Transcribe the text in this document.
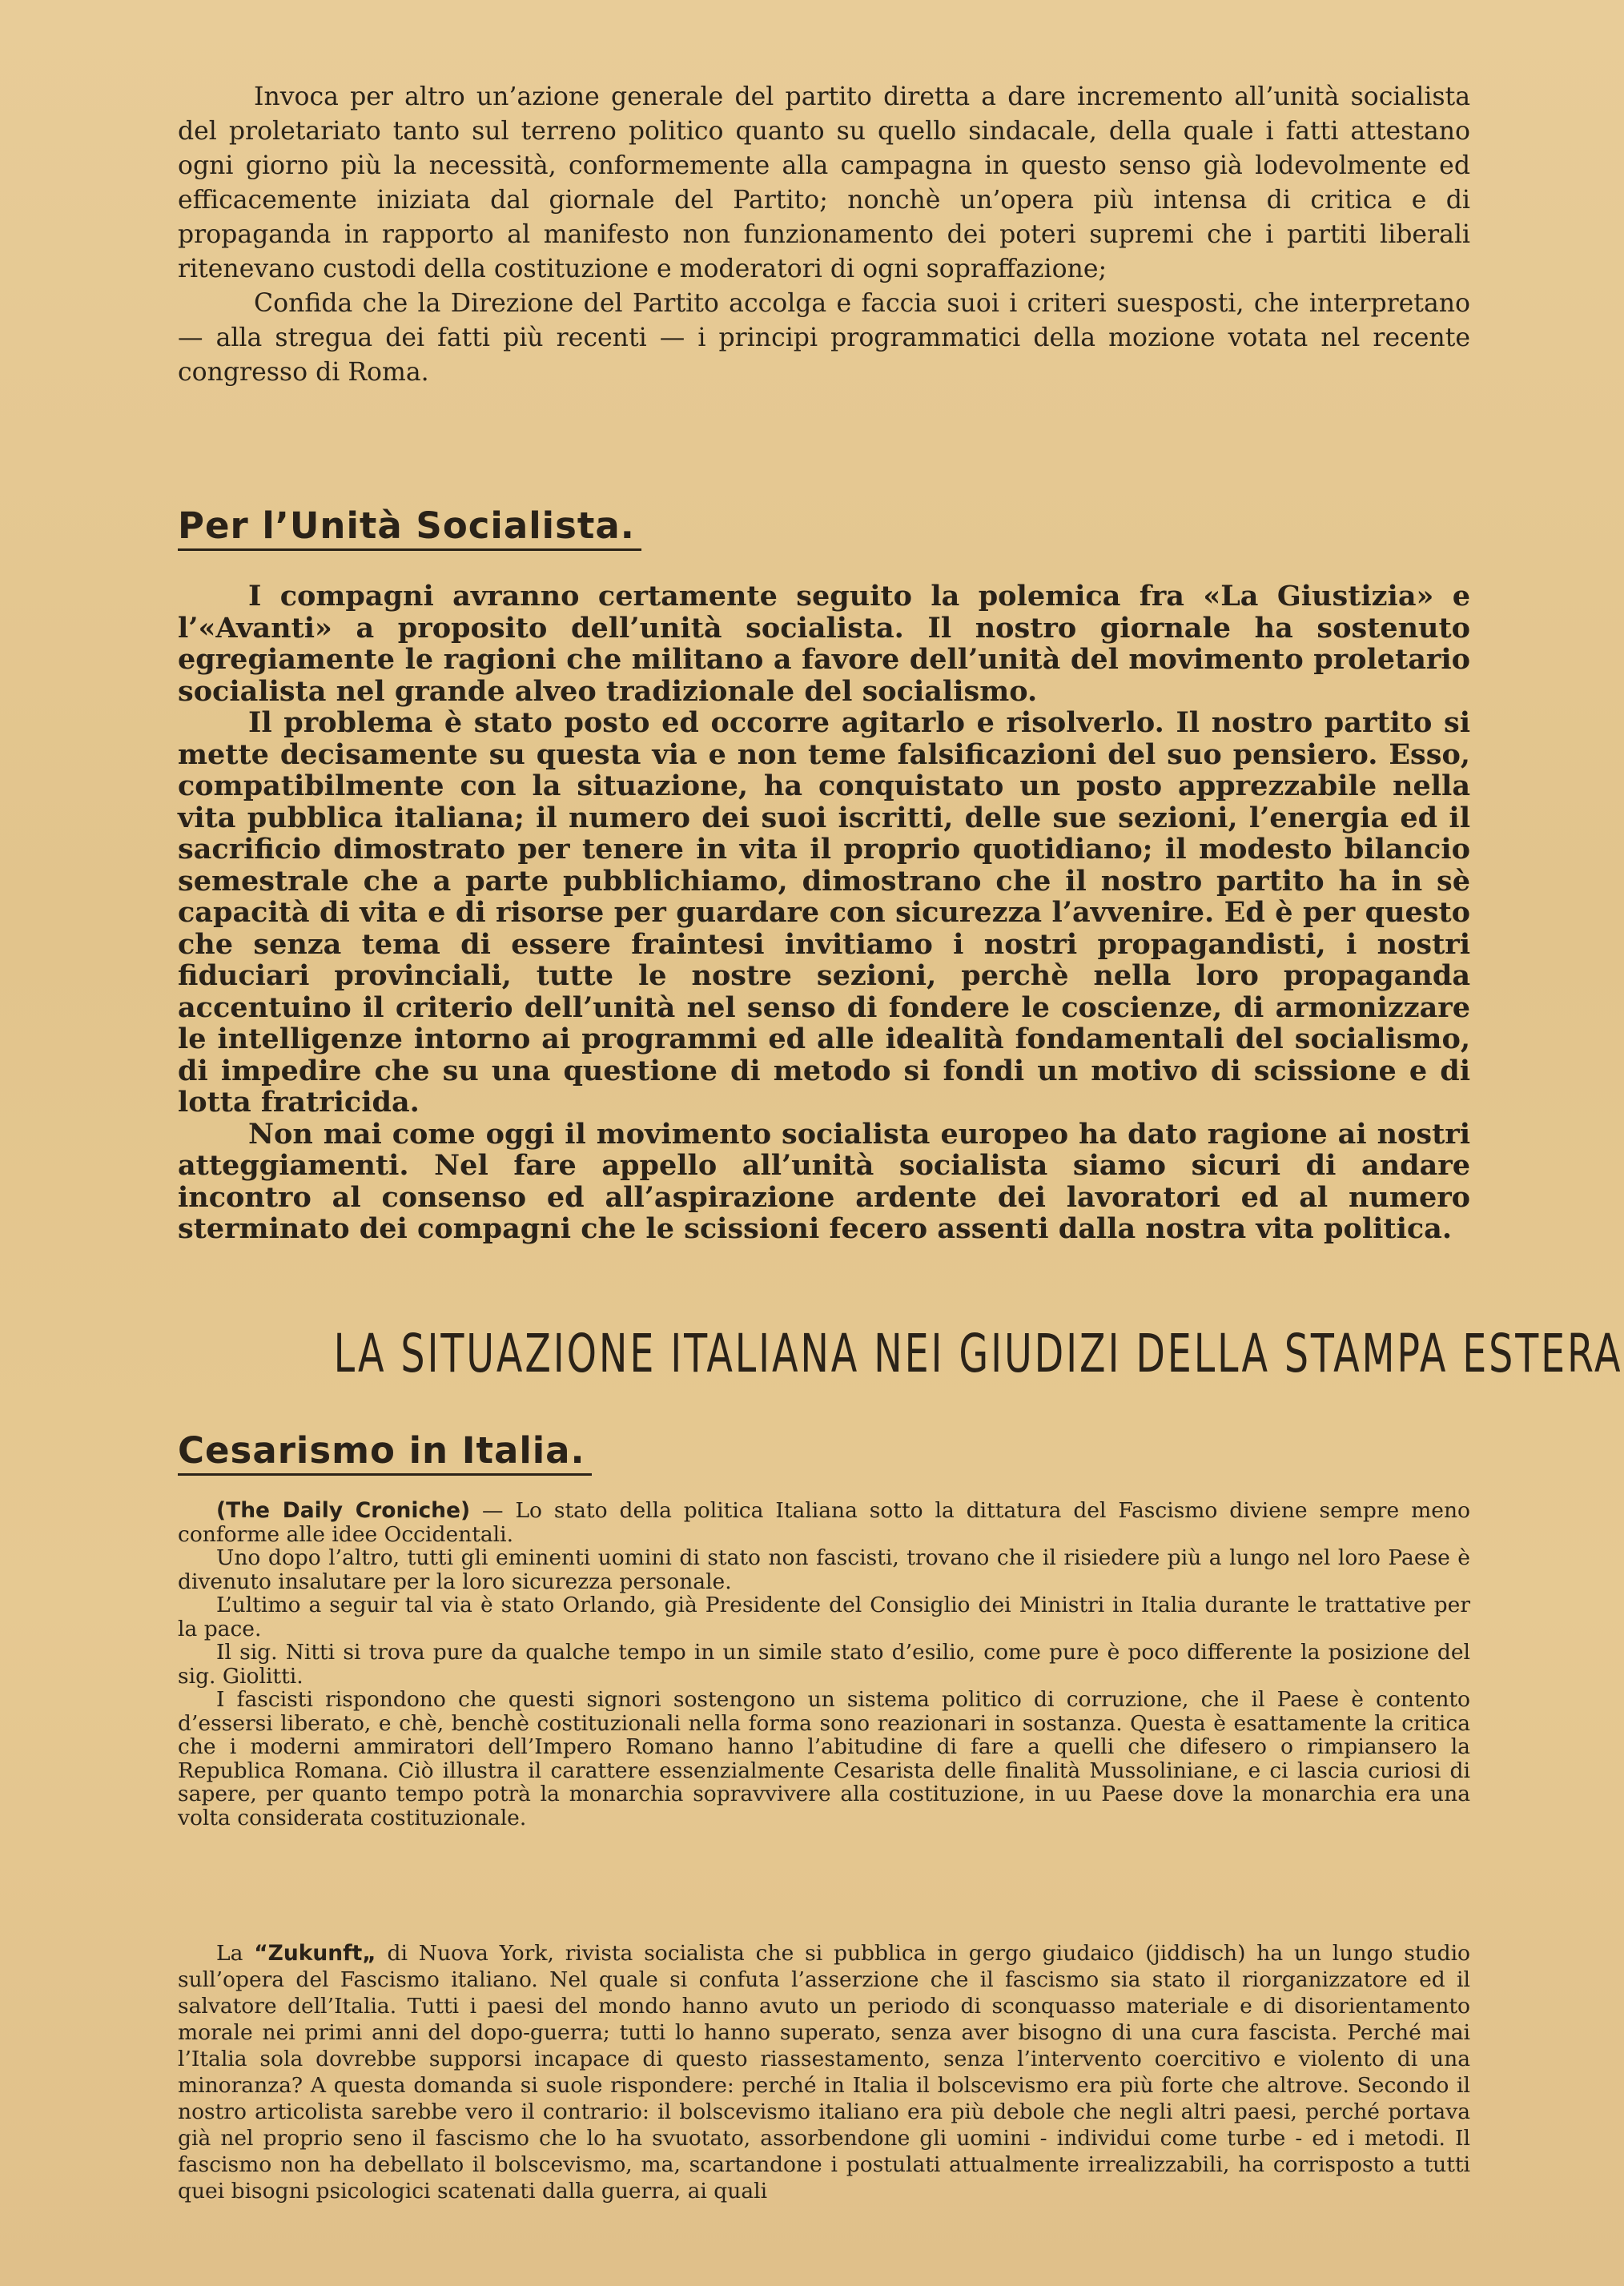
Invoca per altro un’azione generale del partito diretta a dare incremento all’unità socialista del proletariato tanto sul terreno politico quanto su quello sindacale, della quale i fatti attestano ogni giorno più la necessità, conformemente alla campagna in questo senso già lodevolmente ed efficacemente iniziata dal giornale del Partito; nonchè un’opera più intensa di critica e di propaganda in rapporto al manifesto non funzionamento dei poteri supremi che i partiti liberali ritenevano custodi della costituzione e moderatori di ogni sopraffazione;

Confida che la Direzione del Partito accolga e faccia suoi i criteri suesposti, che interpretano — alla stregua dei fatti più recenti — i principi programmatici della mozione votata nel recente congresso di Roma.

Per l’Unità Socialista.

I compagni avranno certamente seguito la polemica fra «La Giustizia» e l’«Avanti» a proposito dell’unità socialista. Il nostro giornale ha sostenuto egregiamente le ragioni che militano a favore dell’unità del movimento proletario socialista nel grande alveo tradizionale del socialismo.

Il problema è stato posto ed occorre agitarlo e risolverlo. Il nostro partito si mette decisamente su questa via e non teme falsificazioni del suo pensiero. Esso, compatibilmente con la situazione, ha conquistato un posto apprezzabile nella vita pubblica italiana; il numero dei suoi iscritti, delle sue sezioni, l’energia ed il sacrificio dimostrato per tenere in vita il proprio quotidiano; il modesto bilancio semestrale che a parte pubblichiamo, dimostrano che il nostro partito ha in sè capacità di vita e di risorse per guardare con sicurezza l’avvenire. Ed è per questo che senza tema di essere fraintesi invitiamo i nostri propagandisti, i nostri fiduciari provinciali, tutte le nostre sezioni, perchè nella loro propaganda accentuino il criterio dell’unità nel senso di fondere le coscienze, di armonizzare le intelligenze intorno ai programmi ed alle idealità fondamentali del socialismo, di impedire che su una questione di metodo si fondi un motivo di scissione e di lotta fratricida.

Non mai come oggi il movimento socialista europeo ha dato ragione ai nostri atteggiamenti. Nel fare appello all’unità socialista siamo sicuri di andare incontro al consenso ed all’aspirazione ardente dei lavoratori ed al numero sterminato dei compagni che le scissioni fecero assenti dalla nostra vita politica.

LA SITUAZIONE ITALIANA NEI GIUDIZI DELLA STAMPA ESTERA
Cesarismo in Italia.

(The Daily Croniche) — Lo stato della politica Italiana sotto la dittatura del Fascismo diviene sempre meno conforme alle idee Occidentali.

Uno dopo l’altro, tutti gli eminenti uomini di stato non fascisti, trovano che il risiedere più a lungo nel loro Paese è divenuto insalutare per la loro sicurezza personale.

L’ultimo a seguir tal via è stato Orlando, già Presidente del Consiglio dei Ministri in Italia durante le trattative per la pace.

Il sig. Nitti si trova pure da qualche tempo in un simile stato d’esilio, come pure è poco differente la posizione del sig. Giolitti.

I fascisti rispondono che questi signori sostengono un sistema politico di corruzione, che il Paese è contento d’essersi liberato, e chè, benchè costituzionali nella forma sono reazionari in sostanza. Questa è esattamente la critica che i moderni ammiratori dell’Impero Romano hanno l’abitudine di fare a quelli che difesero o rimpiansero la Republica Romana. Ciò illustra il carattere essenzialmente Cesarista delle finalità Mussoliniane, e ci lascia curiosi di sapere, per quanto tempo potrà la monarchia sopravvivere alla costituzione, in uu Paese dove la monarchia era una volta considerata costituzionale.

La “Zukunft„ di Nuova York, rivista socialista che si pubblica in gergo giudaico (jiddisch) ha un lungo studio sull’opera del Fascismo italiano. Nel quale si confuta l’asserzione che il fascismo sia stato il riorganizzatore ed il salvatore dell’Italia. Tutti i paesi del mondo hanno avuto un periodo di sconquasso materiale e di disorientamento morale nei primi anni del dopo-guerra; tutti lo hanno superato, senza aver bisogno di una cura fascista. Perché mai l’Italia sola dovrebbe supporsi incapace di questo riassestamento, senza l’intervento coercitivo e violento di una minoranza? A questa domanda si suole rispondere: perché in Italia il bolscevismo era più forte che altrove. Secondo il nostro articolista sarebbe vero il contrario: il bolscevismo italiano era più debole che negli altri paesi, perché portava già nel proprio seno il fascismo che lo ha svuotato, assorbendone gli uomini - individui come turbe - ed i metodi. Il fascismo non ha debellato il bolscevismo, ma, scartandone i postulati attualmente irrealizzabili, ha corrisposto a tutti quei bisogni psicologici scatenati dalla guerra, ai quali
